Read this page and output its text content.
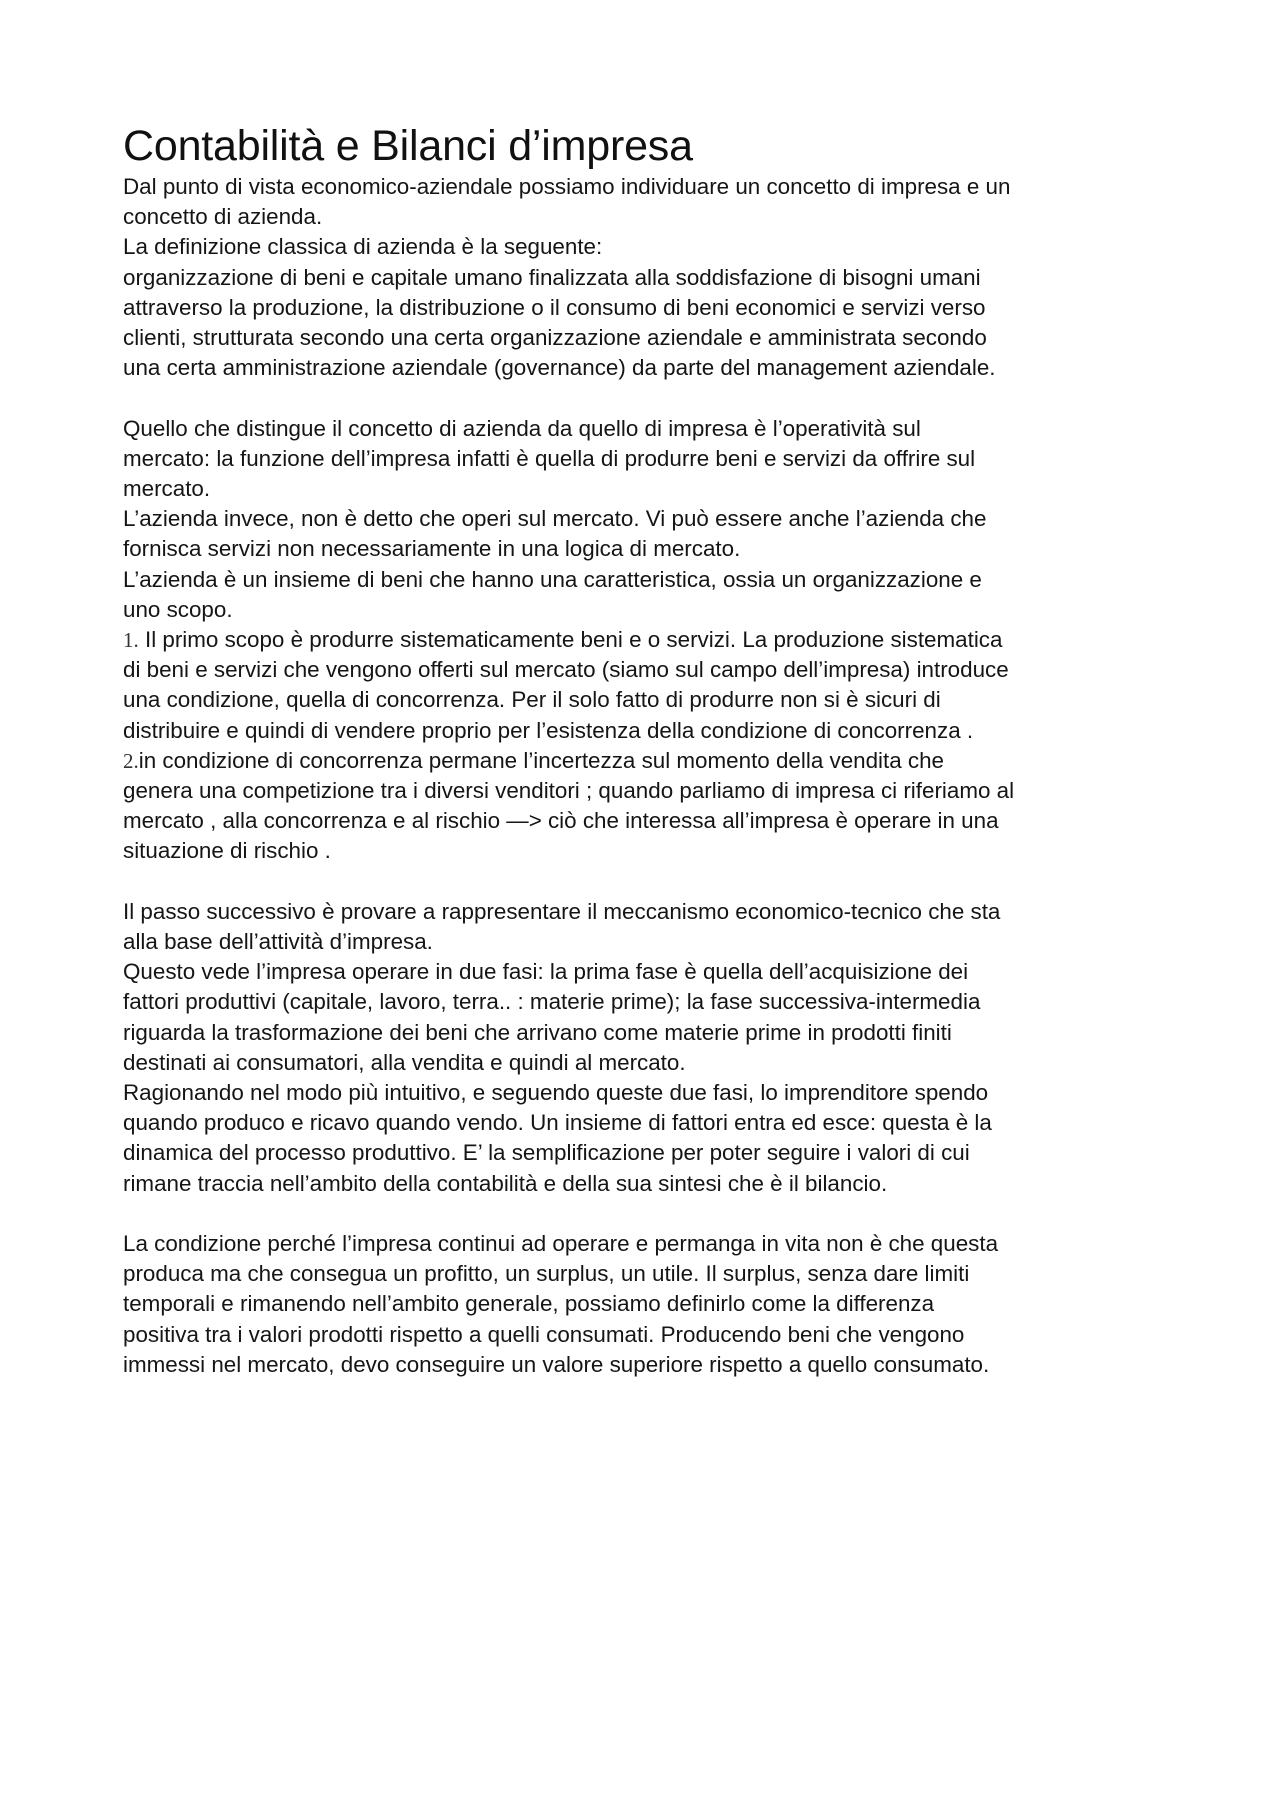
Contabilità e Bilanci d’impresa
Dal punto di vista economico-aziendale possiamo individuare un concetto di impresa e un
concetto di azienda.
La definizione classica di azienda è la seguente:
organizzazione di beni e capitale umano finalizzata alla soddisfazione di bisogni umani
attraverso la produzione, la distribuzione o il consumo di beni economici e servizi verso
clienti, strutturata secondo una certa organizzazione aziendale e amministrata secondo
una certa amministrazione aziendale (governance) da parte del management aziendale.
Quello che distingue il concetto di azienda da quello di impresa è l’operatività sul
mercato: la funzione dell’impresa infatti è quella di produrre beni e servizi da offrire sul
mercato.
L’azienda invece, non è detto che operi sul mercato. Vi può essere anche l’azienda che
fornisca servizi non necessariamente in una logica di mercato.
L’azienda è un insieme di beni che hanno una caratteristica, ossia un organizzazione e
uno scopo.
1. Il primo scopo è produrre sistematicamente beni e o servizi. La produzione sistematica
di beni e servizi che vengono offerti sul mercato (siamo sul campo dell’impresa) introduce
una condizione, quella di concorrenza. Per il solo fatto di produrre non si è sicuri di
distribuire e quindi di vendere proprio per l’esistenza della condizione di concorrenza .
2.in condizione di concorrenza permane l’incertezza sul momento della vendita che
genera una competizione tra i diversi venditori ; quando parliamo di impresa ci riferiamo al
mercato , alla concorrenza e al rischio —> ciò che interessa all’impresa è operare in una
situazione di rischio .
Il passo successivo è provare a rappresentare il meccanismo economico-tecnico che sta
alla base dell’attività d’impresa.
Questo vede l’impresa operare in due fasi: la prima fase è quella dell’acquisizione dei
fattori produttivi (capitale, lavoro, terra.. : materie prime); la fase successiva-intermedia
riguarda la trasformazione dei beni che arrivano come materie prime in prodotti finiti
destinati ai consumatori, alla vendita e quindi al mercato.
Ragionando nel modo più intuitivo, e seguendo queste due fasi, lo imprenditore spendo
quando produco e ricavo quando vendo. Un insieme di fattori entra ed esce: questa è la
dinamica del processo produttivo. E’ la semplificazione per poter seguire i valori di cui
rimane traccia nell’ambito della contabilità e della sua sintesi che è il bilancio.
La condizione perché l’impresa continui ad operare e permanga in vita non è che questa
produca ma che consegua un profitto, un surplus, un utile. Il surplus, senza dare limiti
temporali e rimanendo nell’ambito generale, possiamo definirlo come la differenza
positiva tra i valori prodotti rispetto a quelli consumati. Producendo beni che vengono
immessi nel mercato, devo conseguire un valore superiore rispetto a quello consumato.
